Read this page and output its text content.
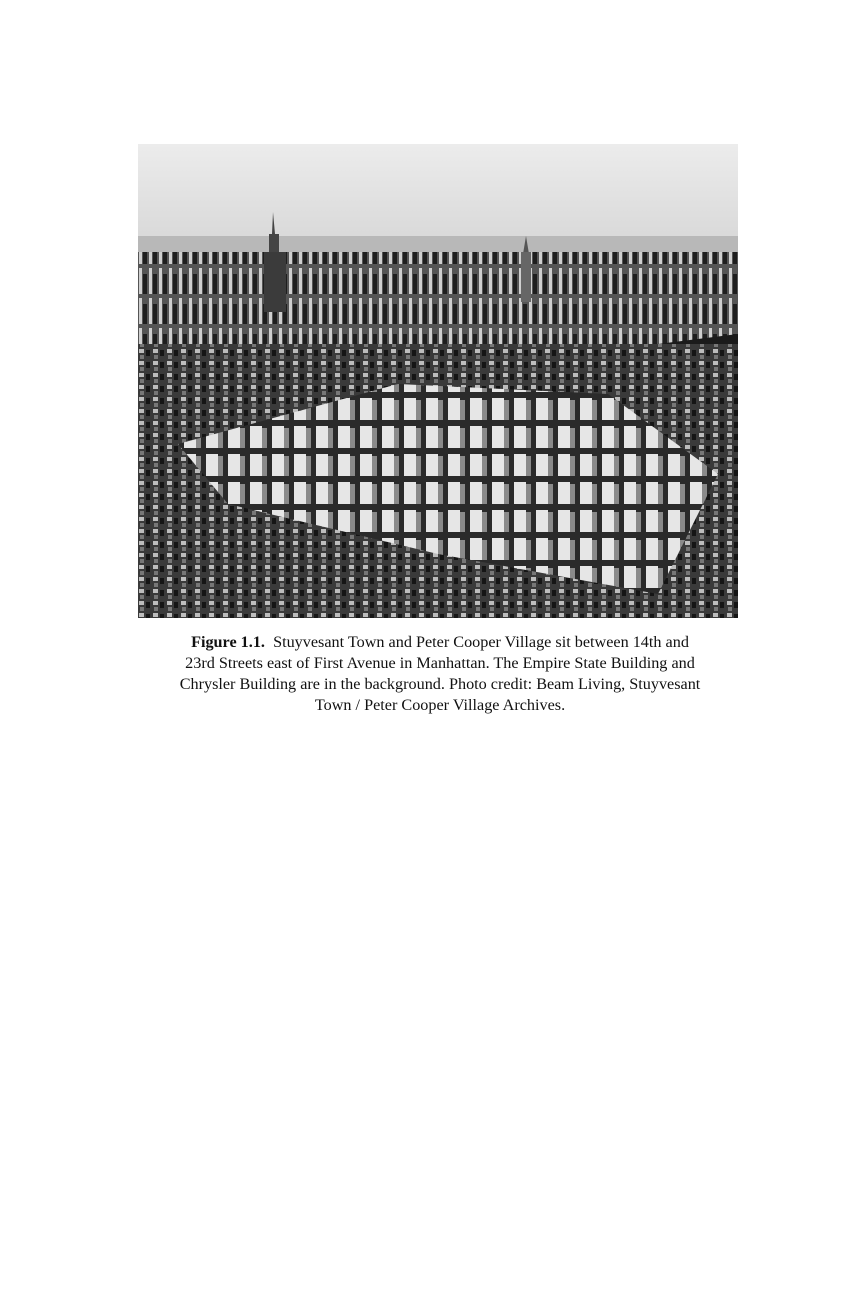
Figure 1.1. Stuyvesant Town and Peter Cooper Village sit between 14th and
23rd Streets east of First Avenue in Manhattan. The Empire State Building and
Chrysler Building are in the background. Photo credit: Beam Living, Stuyvesant
Town / Peter Cooper Village Archives.
